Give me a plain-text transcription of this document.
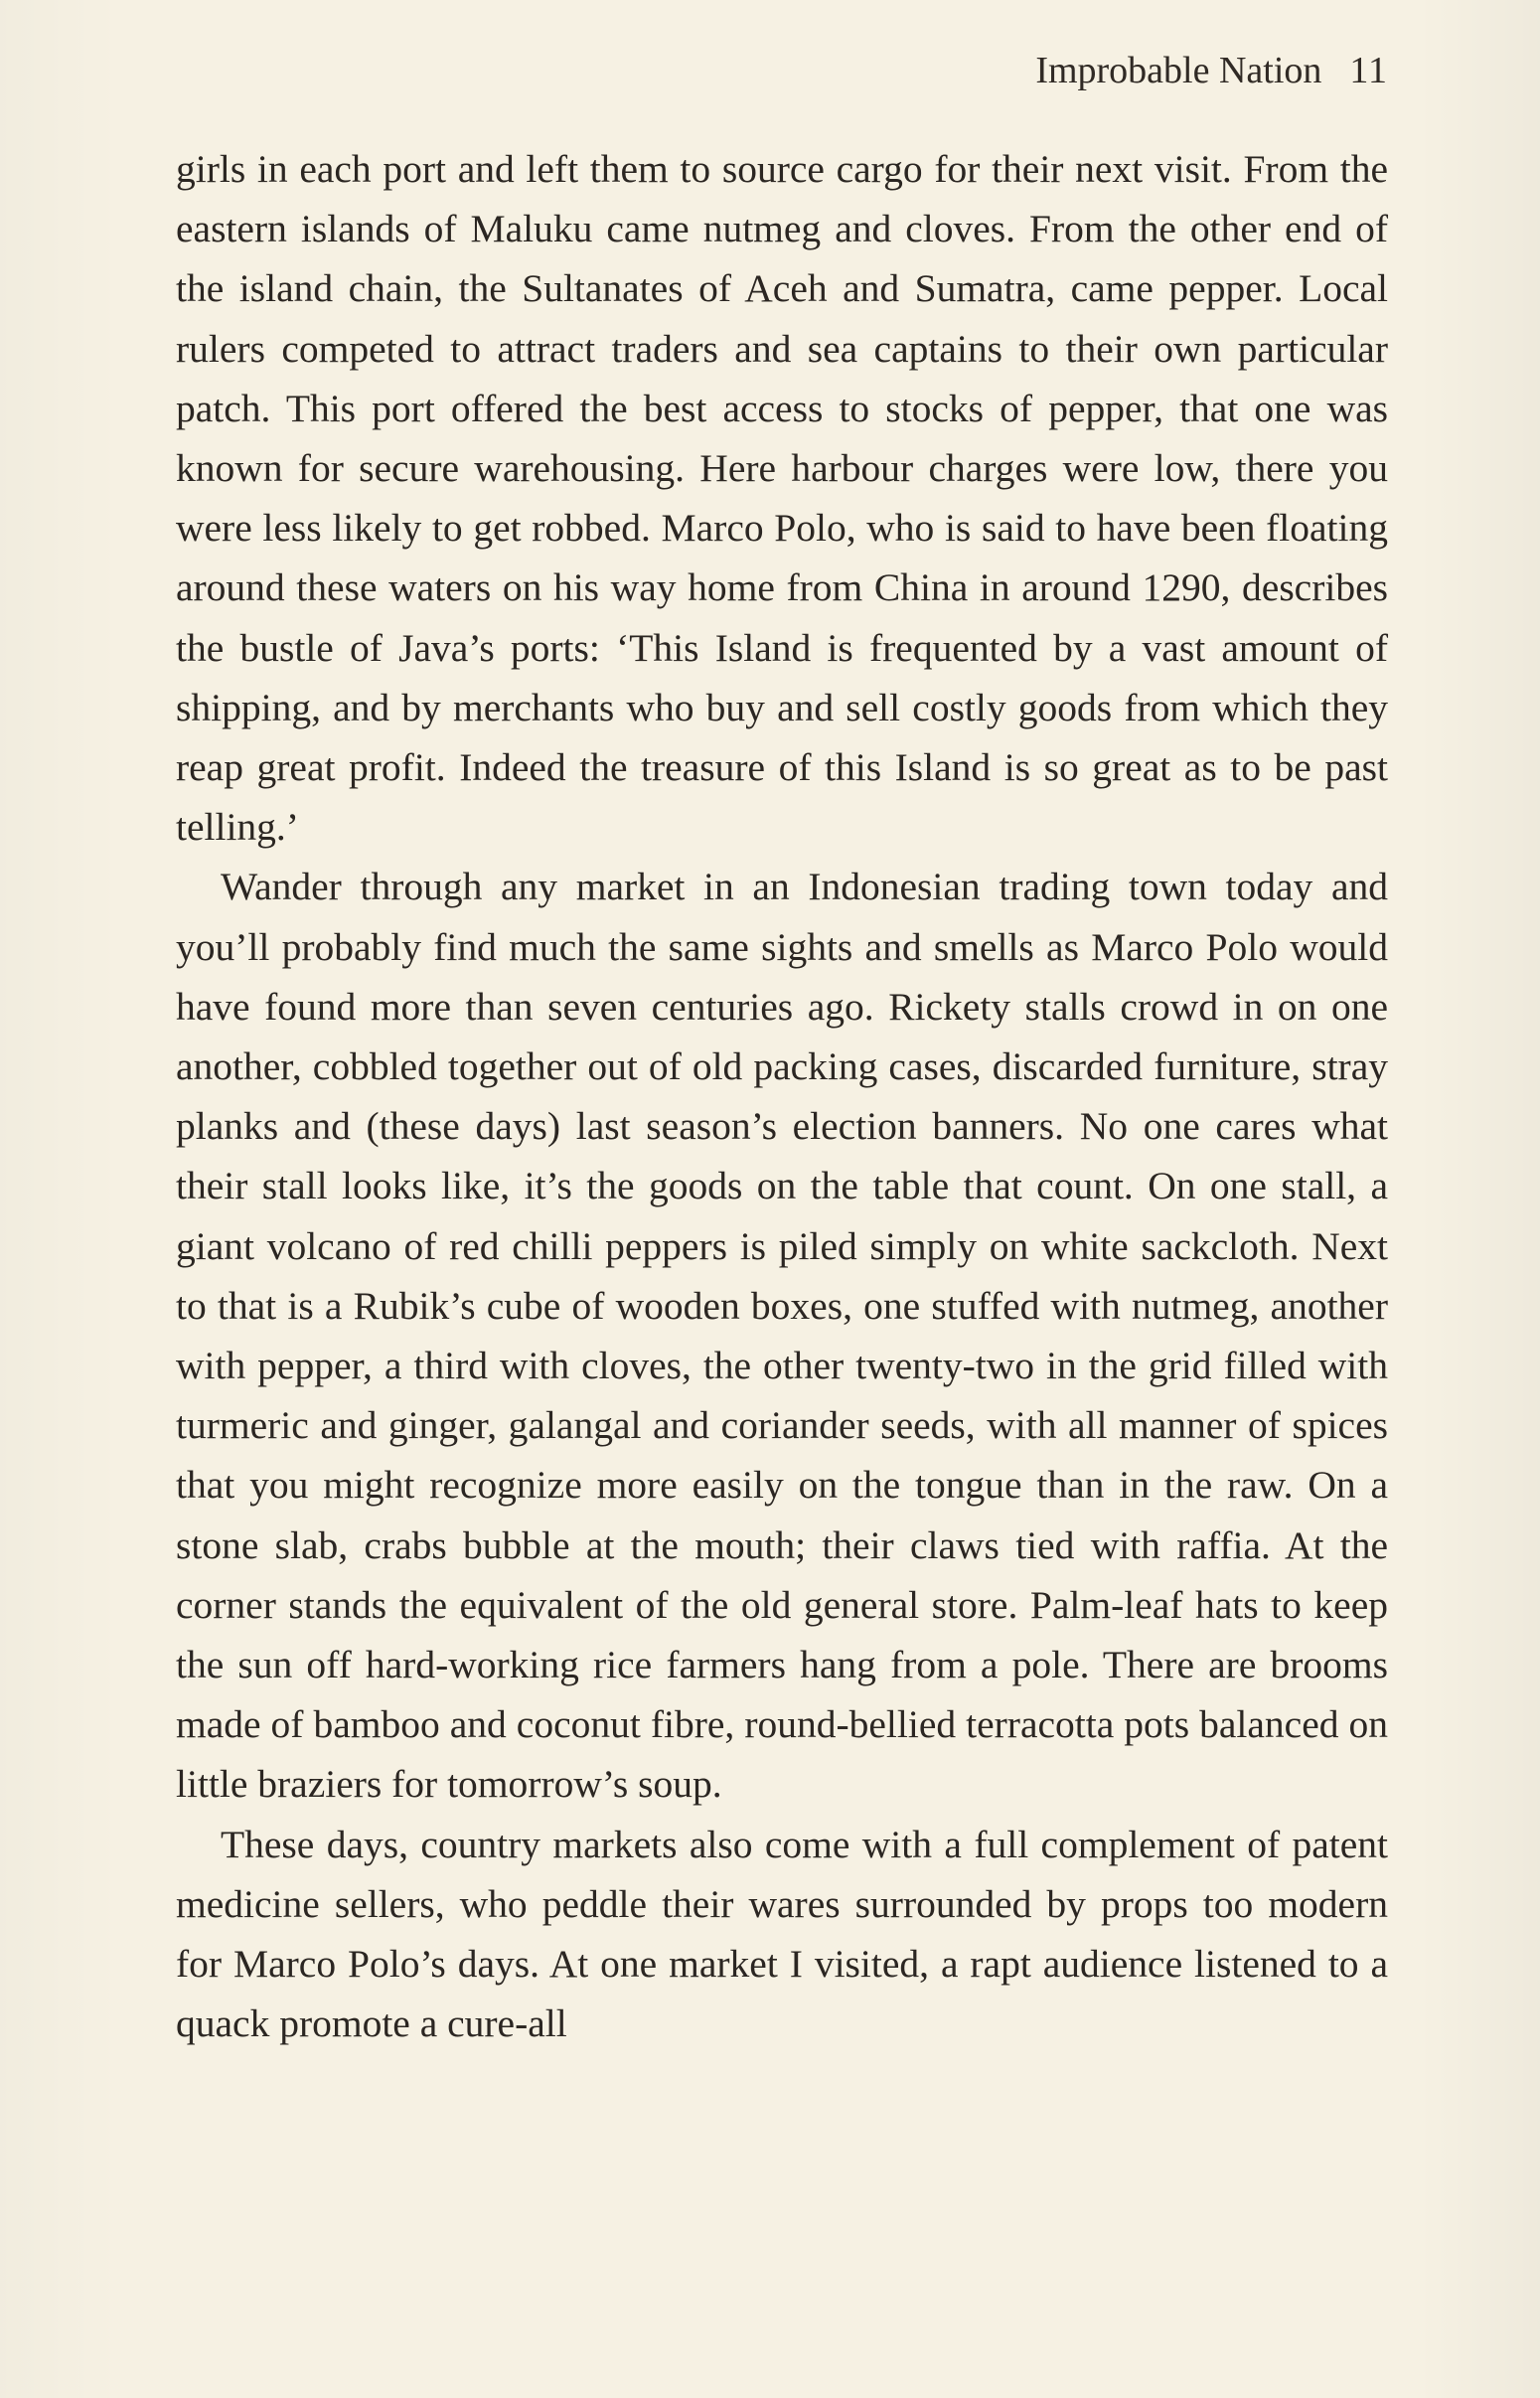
Improbable Nation 11

girls in each port and left them to source cargo for their next visit. From the eastern islands of Maluku came nutmeg and cloves. From the other end of the island chain, the Sultanates of Aceh and Sumatra, came pepper. Local rulers competed to attract traders and sea captains to their own particular patch. This port offered the best access to stocks of pepper, that one was known for secure warehousing. Here harbour charges were low, there you were less likely to get robbed. Marco Polo, who is said to have been floating around these waters on his way home from China in around 1290, describes the bustle of Java’s ports: ‘This Island is frequented by a vast amount of shipping, and by merchants who buy and sell costly goods from which they reap great profit. Indeed the treasure of this Island is so great as to be past telling.’

Wander through any market in an Indonesian trading town today and you’ll probably find much the same sights and smells as Marco Polo would have found more than seven centuries ago. Rickety stalls crowd in on one another, cobbled together out of old packing cases, discarded furniture, stray planks and (these days) last season’s election banners. No one cares what their stall looks like, it’s the goods on the table that count. On one stall, a giant volcano of red chilli peppers is piled simply on white sackcloth. Next to that is a Rubik’s cube of wooden boxes, one stuffed with nutmeg, another with pepper, a third with cloves, the other twenty-two in the grid filled with turmeric and ginger, galangal and coriander seeds, with all manner of spices that you might recognize more easily on the tongue than in the raw. On a stone slab, crabs bubble at the mouth; their claws tied with raffia. At the corner stands the equivalent of the old general store. Palm-leaf hats to keep the sun off hard-working rice farmers hang from a pole. There are brooms made of bamboo and coconut fibre, round-bellied terracotta pots balanced on little braziers for tomorrow’s soup.

These days, country markets also come with a full complement of patent medicine sellers, who peddle their wares surrounded by props too modern for Marco Polo’s days. At one market I visited, a rapt audience listened to a quack promote a cure-all
